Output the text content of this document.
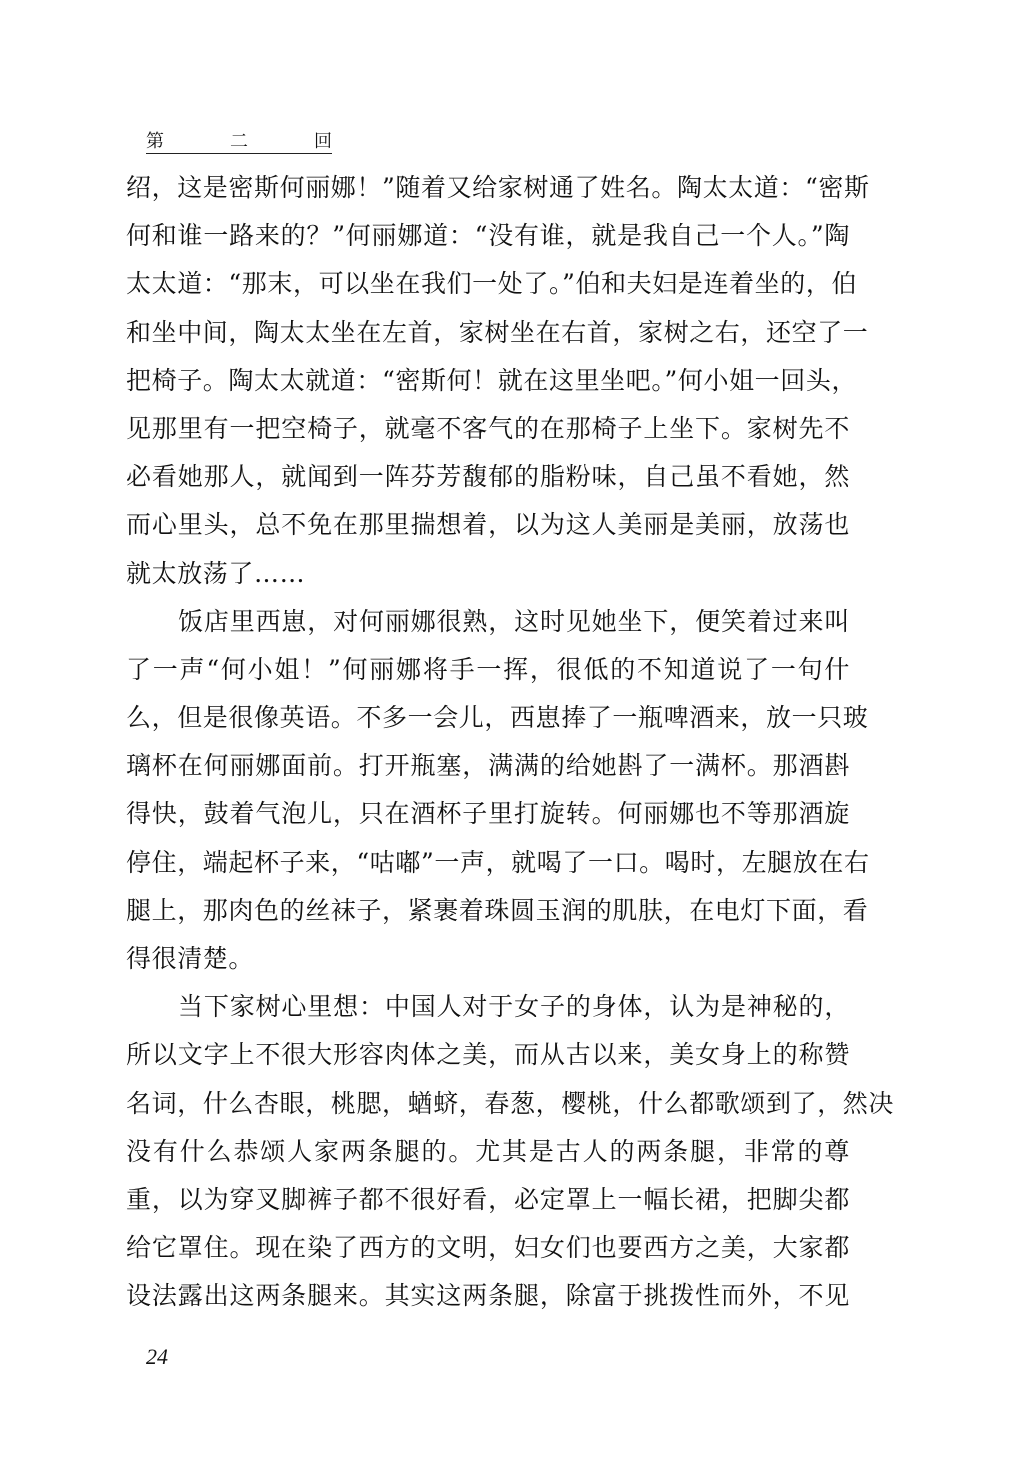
第	二	回
绍，这是密斯何丽娜！”随着又给家树通了姓名。陶太太道：“密斯
何和谁一路来的？”何丽娜道：“没有谁，就是我自己一个人。”陶
太太道：“那末，可以坐在我们一处了。”伯和夫妇是连着坐的，伯
和坐中间，陶太太坐在左首，家树坐在右首，家树之右，还空了一
把椅子。陶太太就道：“密斯何！就在这里坐吧。”何小姐一回头，
见那里有一把空椅子，就毫不客气的在那椅子上坐下。家树先不
必看她那人，就闻到一阵芬芳馥郁的脂粉味，自己虽不看她，然
而心里头，总不免在那里揣想着，以为这人美丽是美丽，放荡也
就太放荡了……
饭店里西崽，对何丽娜很熟，这时见她坐下，便笑着过来叫
了一声“何小姐！”何丽娜将手一挥，很低的不知道说了一句什
么，但是很像英语。不多一会儿，西崽捧了一瓶啤酒来，放一只玻
璃杯在何丽娜面前。打开瓶塞，满满的给她斟了一满杯。那酒斟
得快，鼓着气泡儿，只在酒杯子里打旋转。何丽娜也不等那酒旋
停住，端起杯子来，“咕嘟”一声，就喝了一口。喝时，左腿放在右
腿上，那肉色的丝袜子，紧裹着珠圆玉润的肌肤，在电灯下面，看
得很清楚。
当下家树心里想：中国人对于女子的身体，认为是神秘的，
所以文字上不很大形容肉体之美，而从古以来，美女身上的称赞
名词，什么杏眼，桃腮，蝤蛴，春葱，樱桃，什么都歌颂到了，然决
没有什么恭颂人家两条腿的。尤其是古人的两条腿，非常的尊
重，以为穿叉脚裤子都不很好看，必定罩上一幅长裙，把脚尖都
给它罩住。现在染了西方的文明，妇女们也要西方之美，大家都
设法露出这两条腿来。其实这两条腿，除富于挑拨性而外，不见
24
